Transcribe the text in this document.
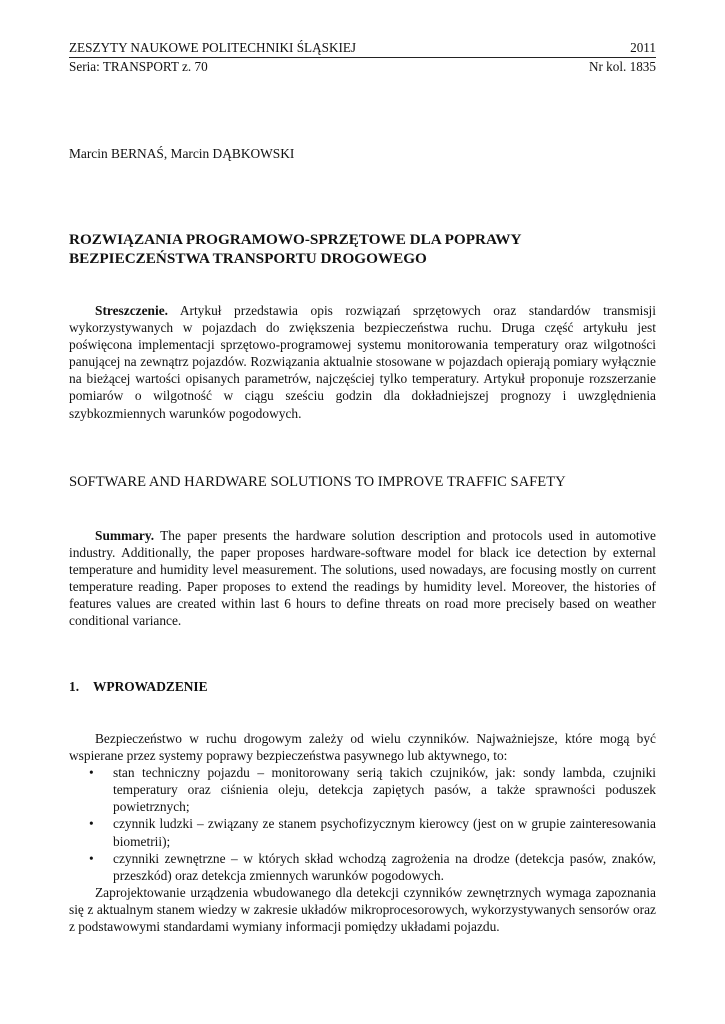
ZESZYTY NAUKOWE POLITECHNIKI ŚLĄSKIEJ	2011
Seria: TRANSPORT z. 70	Nr kol. 1835
Marcin BERNAŚ, Marcin DĄBKOWSKI
ROZWIĄZANIA PROGRAMOWO-SPRZĘTOWE DLA POPRAWY
BEZPIECZEŃSTWA TRANSPORTU DROGOWEGO

Streszczenie. Artykuł przedstawia opis rozwiązań sprzętowych oraz standardów transmisji wykorzystywanych w pojazdach do zwiększenia bezpieczeństwa ruchu. Druga część artykułu jest poświęcona implementacji sprzętowo-programowej systemu monitorowania temperatury oraz wilgotności panującej na zewnątrz pojazdów. Rozwiązania aktualnie stosowane w pojazdach opierają pomiary wyłącznie na bieżącej wartości opisanych parametrów, najczęściej tylko temperatury. Artykuł proponuje rozszerzanie pomiarów o wilgotność w ciągu sześciu godzin dla dokładniejszej prognozy i uwzględnienia szybkozmiennych warunków pogodowych.

SOFTWARE AND HARDWARE SOLUTIONS TO IMPROVE TRAFFIC SAFETY

Summary. The paper presents the hardware solution description and protocols used in automotive industry. Additionally, the paper proposes hardware-software model for black ice detection by external temperature and humidity level measurement. The solutions, used nowadays, are focusing mostly on current temperature reading. Paper proposes to extend the readings by humidity level. Moreover, the histories of features values are created within last 6 hours to define threats on road more precisely based on weather conditional variance.

1. WPROWADZENIE

Bezpieczeństwo w ruchu drogowym zależy od wielu czynników. Najważniejsze, które mogą być wspierane przez systemy poprawy bezpieczeństwa pasywnego lub aktywnego, to:

• stan techniczny pojazdu – monitorowany serią takich czujników, jak: sondy lambda, czujniki temperatury oraz ciśnienia oleju, detekcja zapiętych pasów, a także sprawności poduszek powietrznych;
• czynnik ludzki – związany ze stanem psychofizycznym kierowcy (jest on w grupie zainteresowania biometrii);
• czynniki zewnętrzne – w których skład wchodzą zagrożenia na drodze (detekcja pasów, znaków, przeszkód) oraz detekcja zmiennych warunków pogodowych.

Zaprojektowanie urządzenia wbudowanego dla detekcji czynników zewnętrznych wymaga zapoznania się z aktualnym stanem wiedzy w zakresie układów mikroprocesorowych, wykorzystywanych sensorów oraz z podstawowymi standardami wymiany informacji pomiędzy układami pojazdu.
